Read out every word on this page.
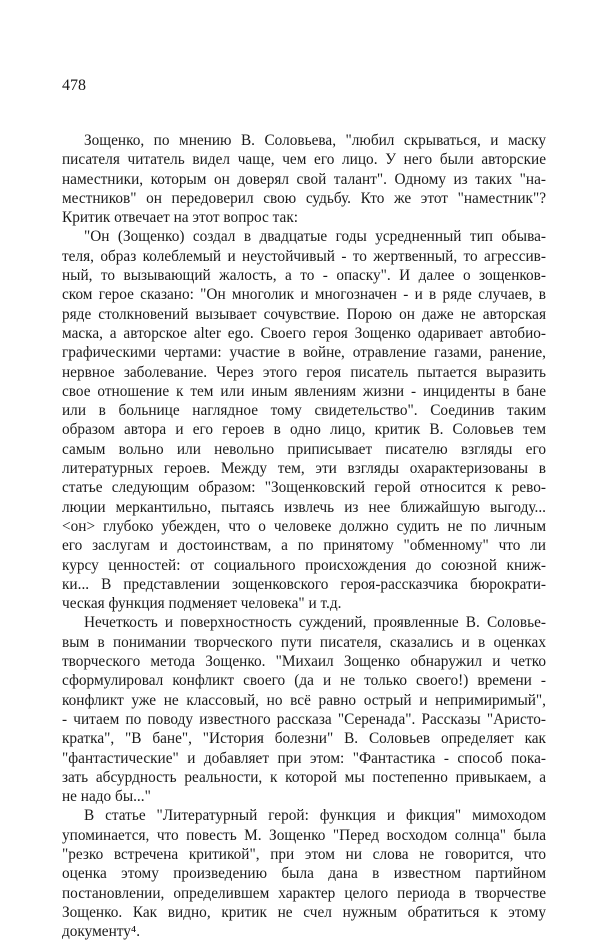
478
Зощенко, по мнению В. Соловьева, "любил скрываться, и маску
писателя читатель видел чаще, чем его лицо. У него были авторские
наместники, которым он доверял свой талант". Одному из таких "на-
местников" он передоверил свою судьбу. Кто же этот "наместник"?
Критик отвечает на этот вопрос так:
"Он (Зощенко) создал в двадцатые годы усредненный тип обыва-
теля, образ колеблемый и неустойчивый - то жертвенный, то агрессив-
ный, то вызывающий жалость, а то - опаску". И далее о зощенков-
ском герое сказано: "Он многолик и многозначен - и в ряде случаев, в
ряде столкновений вызывает сочувствие. Порою он даже не авторская
маска, а авторское alter ego. Своего героя Зощенко одаривает автобио-
графическими чертами: участие в войне, отравление газами, ранение,
нервное заболевание. Через этого героя писатель пытается выразить
свое отношение к тем или иным явлениям жизни - инциденты в бане
или в больнице наглядное тому свидетельство". Соединив таким
образом автора и его героев в одно лицо, критик В. Соловьев тем
самым вольно или невольно приписывает писателю взгляды его
литературных героев. Между тем, эти взгляды охарактеризованы в
статье следующим образом: "Зощенковский герой относится к рево-
люции меркантильно, пытаясь извлечь из нее ближайшую выгоду...
<он> глубоко убежден, что о человеке должно судить не по личным
его заслугам и достоинствам, а по принятому "обменному" что ли
курсу ценностей: от социального происхождения до союзной книж-
ки... В представлении зощенковского героя-рассказчика бюрократи-
ческая функция подменяет человека" и т.д.
Нечеткость и поверхностность суждений, проявленные В. Соловье-
вым в понимании творческого пути писателя, сказались и в оценках
творческого метода Зощенко. "Михаил Зощенко обнаружил и четко
сформулировал конфликт своего (да и не только своего!) времени -
конфликт уже не классовый, но всё равно острый и непримиримый",
- читаем по поводу известного рассказа "Серенада". Рассказы "Аристо-
кратка", "В бане", "История болезни" В. Соловьев определяет как
"фантастические" и добавляет при этом: "Фантастика - способ пока-
зать абсурдность реальности, к которой мы постепенно привыкаем, а
не надо бы..."
В статье "Литературный герой: функция и фикция" мимоходом
упоминается, что повесть М. Зощенко "Перед восходом солнца" была
"резко встречена критикой", при этом ни слова не говорится, что
оценка этому произведению была дана в известном партийном
постановлении, определившем характер целого периода в творчестве
Зощенко. Как видно, критик не счел нужным обратиться к этому
документу⁴.
